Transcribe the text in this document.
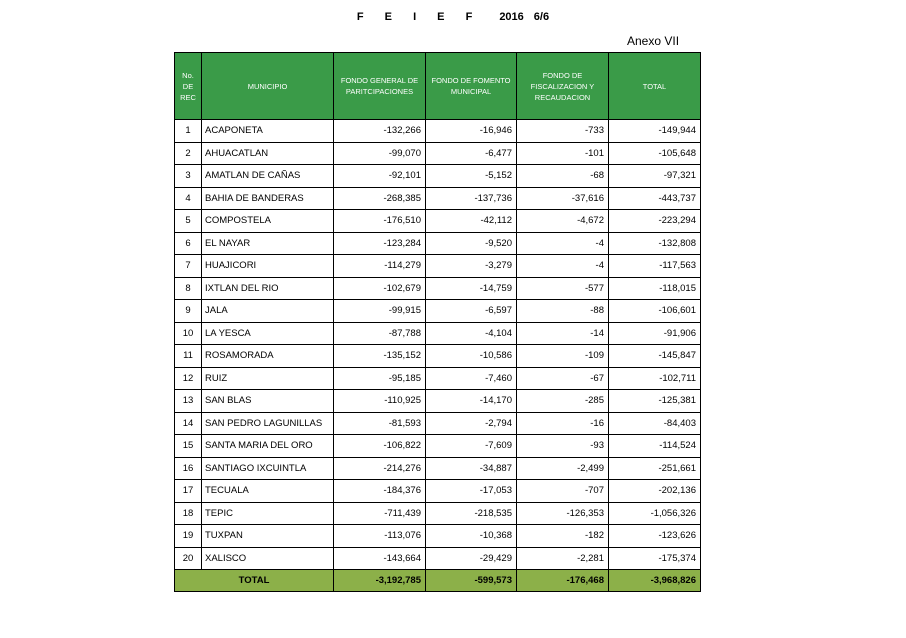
F E I E F 2016 6/6
Anexo VII
No. DE REC	MUNICIPIO	FONDO GENERAL DE PARITCIPACIONES	FONDO DE FOMENTO MUNICIPAL	FONDO DE FISCALIZACION Y RECAUDACION	TOTAL
1	ACAPONETA	-132,266	-16,946	-733	-149,944
2	AHUACATLAN	-99,070	-6,477	-101	-105,648
3	AMATLAN DE CAÑAS	-92,101	-5,152	-68	-97,321
4	BAHIA DE BANDERAS	-268,385	-137,736	-37,616	-443,737
5	COMPOSTELA	-176,510	-42,112	-4,672	-223,294
6	EL NAYAR	-123,284	-9,520	-4	-132,808
7	HUAJICORI	-114,279	-3,279	-4	-117,563
8	IXTLAN DEL RIO	-102,679	-14,759	-577	-118,015
9	JALA	-99,915	-6,597	-88	-106,601
10	LA YESCA	-87,788	-4,104	-14	-91,906
11	ROSAMORADA	-135,152	-10,586	-109	-145,847
12	RUIZ	-95,185	-7,460	-67	-102,711
13	SAN BLAS	-110,925	-14,170	-285	-125,381
14	SAN PEDRO LAGUNILLAS	-81,593	-2,794	-16	-84,403
15	SANTA MARIA DEL ORO	-106,822	-7,609	-93	-114,524
16	SANTIAGO IXCUINTLA	-214,276	-34,887	-2,499	-251,661
17	TECUALA	-184,376	-17,053	-707	-202,136
18	TEPIC	-711,439	-218,535	-126,353	-1,056,326
19	TUXPAN	-113,076	-10,368	-182	-123,626
20	XALISCO	-143,664	-29,429	-2,281	-175,374
TOTAL		-3,192,785	-599,573	-176,468	-3,968,826
